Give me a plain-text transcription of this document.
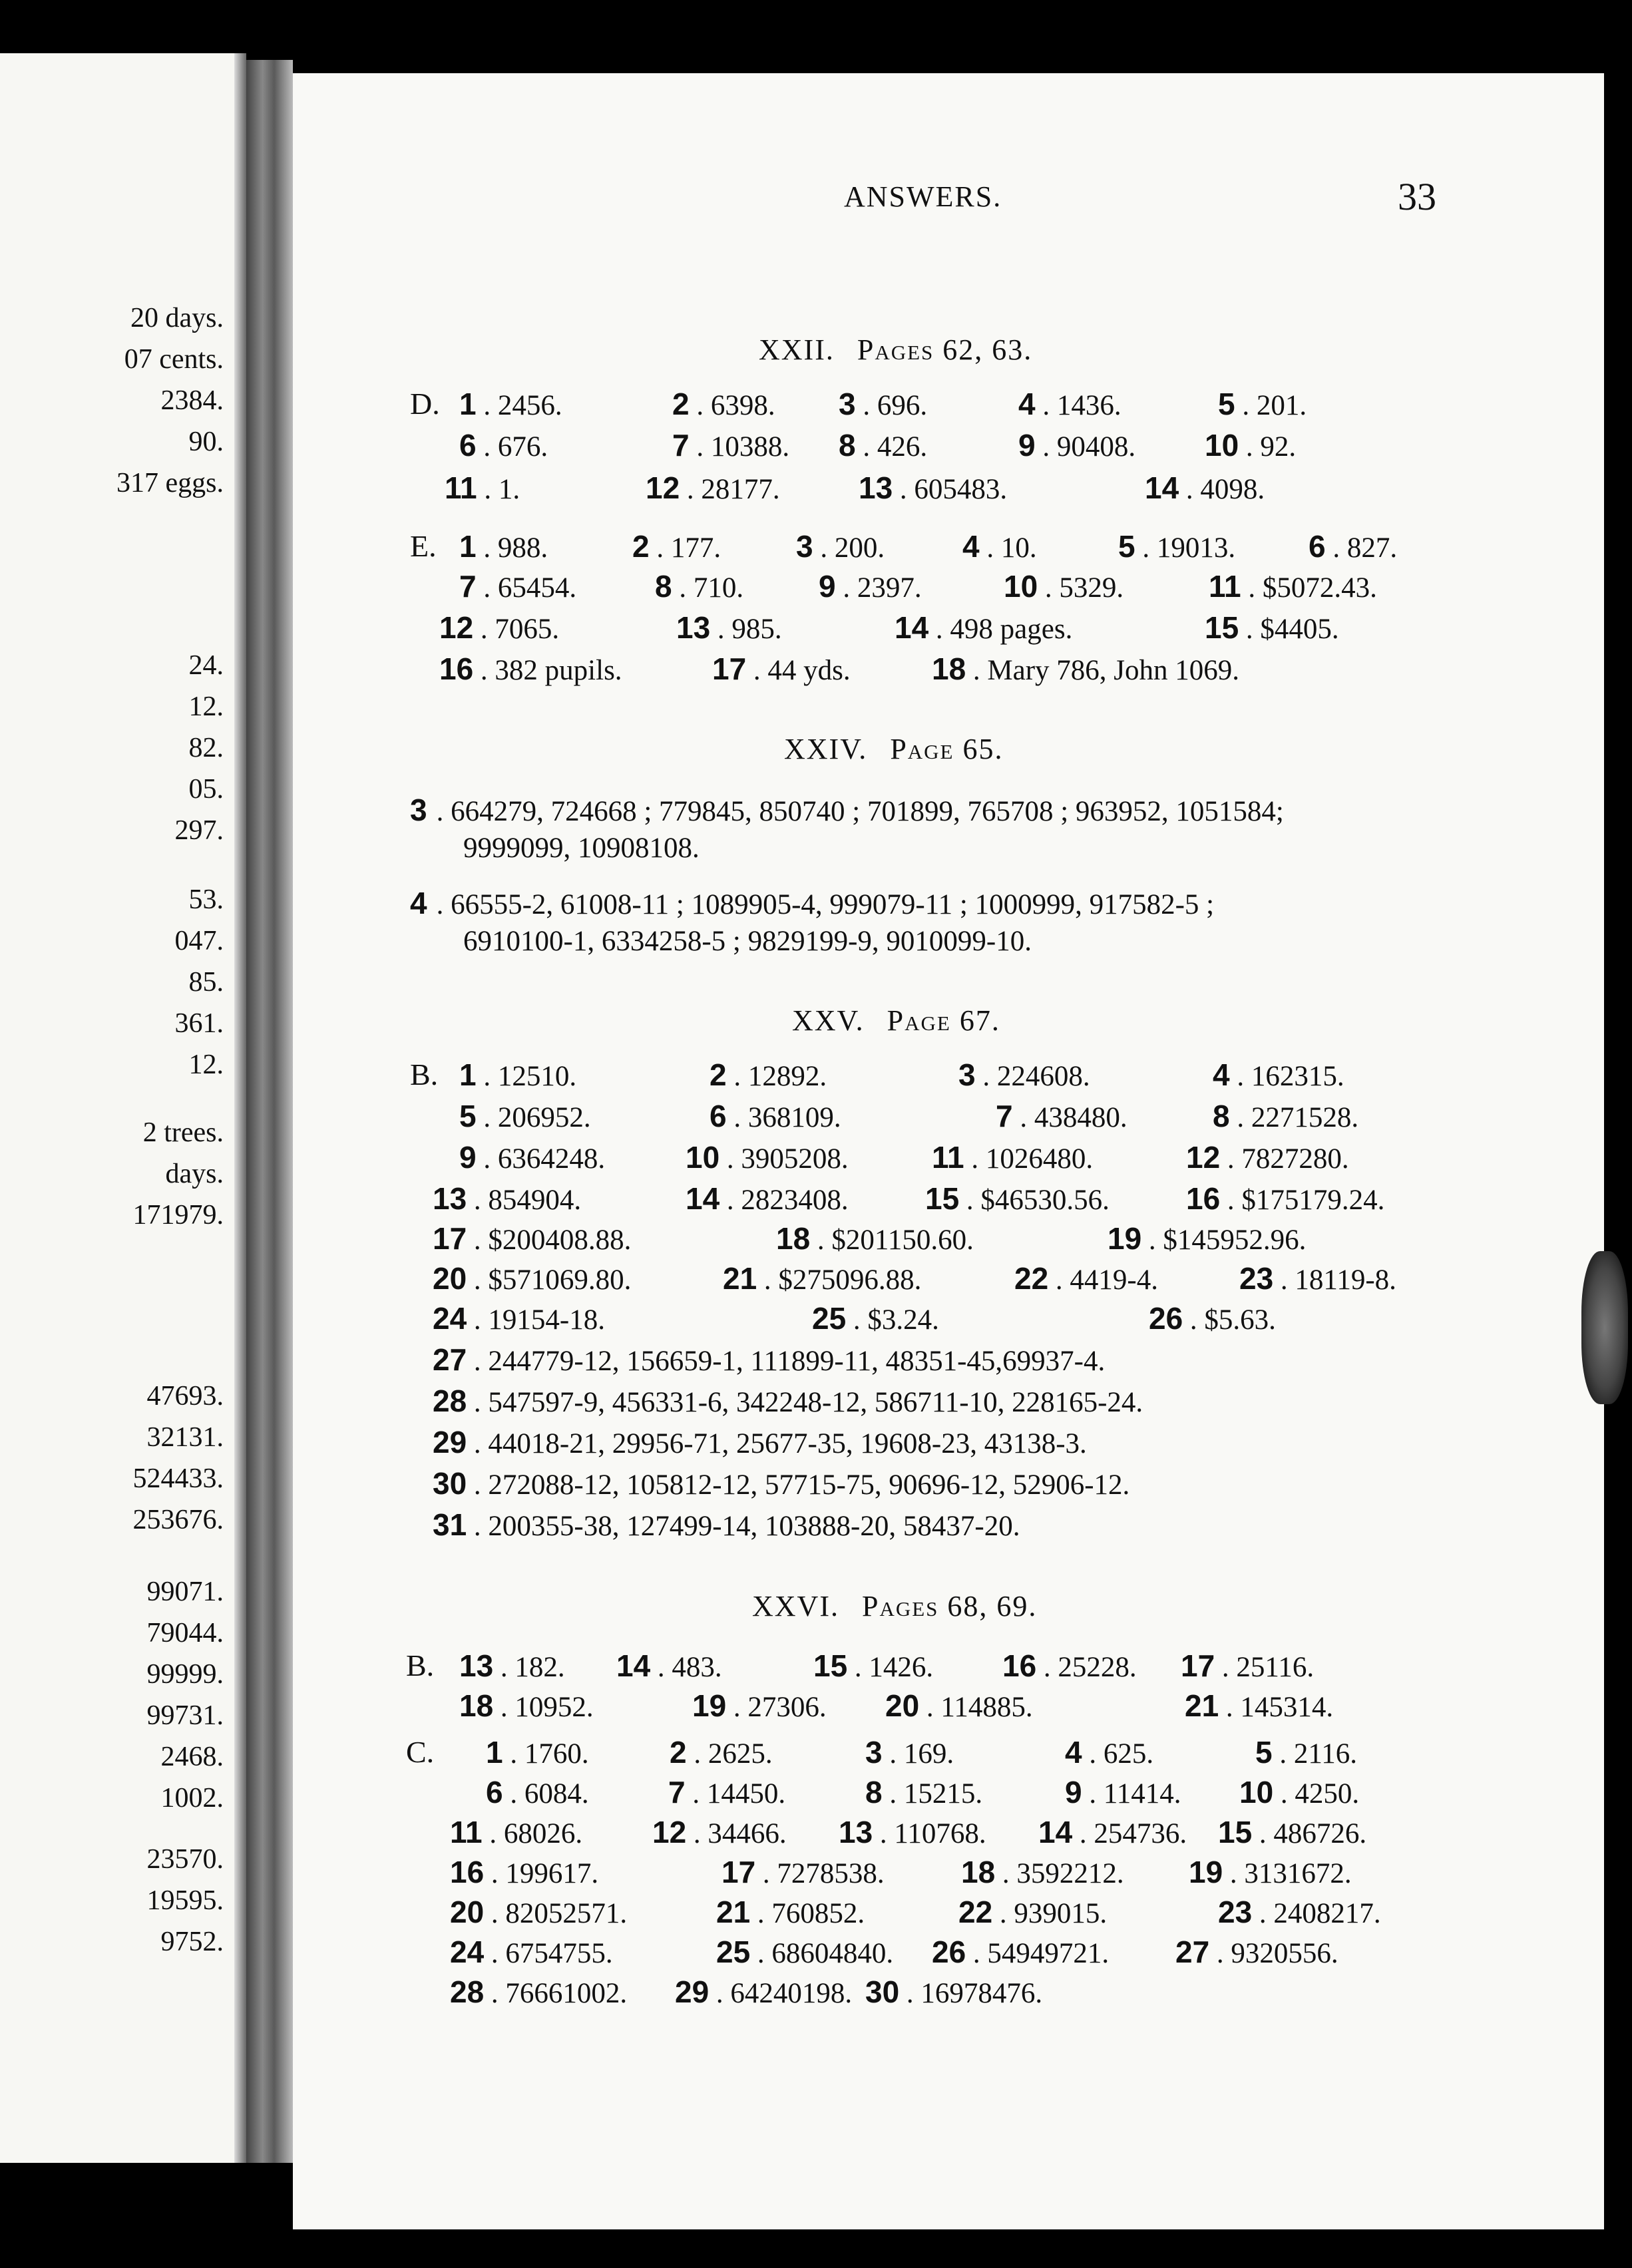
20 days.
07 cents.
2384.
90.
317 eggs.
24.
12.
82.
05.
297.
53.
047.
85.
361.
12.
2 trees.
days.
171979.
47693.
32131.
524433.
253676.
99071.
79044.
99999.
99731.
2468.
1002.
23570.
19595.
9752.
ANSWERS.	33
XXII. Pages 62, 63.
D. 1 . 2456.	2 . 6398. 3 . 696.	4 . 1436.	5 . 201.
6 . 676.	7 . 10388. 8 . 426.	9 . 90408. 10 . 92.
11 . 1.	12 . 28177.	13 . 605483.	14 . 4098.
E. 1 . 988.	2 . 177. 3 . 200.	4 . 10.	5 . 19013. 6 . 827.
7 . 65454.	8 . 710. 9 . 2397.	10 . 5329.	11 . $5072.43.
12 . 7065.	13 . 985.	14 . 498 pages.	15 . $4405.
16 . 382 pupils.	17 . 44 yds.	18 . Mary 786, John 1069.
XXIV. Page 65.
3 . 664279, 724668 ; 779845, 850740 ; 701899, 765708 ; 963952, 1051584;
9999099, 10908108.
4 . 66555-2, 61008-11 ; 1089905-4, 999079-11 ; 1000999, 917582-5 ;
6910100-1, 6334258-5 ; 9829199-9, 9010099-10.
XXV. Page 67.
B. 1 . 12510.	2 . 12892.	3 . 224608.	4 . 162315.
5 . 206952.	6 . 368109.	7 . 438480.	8 . 2271528.
9 . 6364248.	10 . 3905208.	11 . 1026480.	12 . 7827280.
13 . 854904.	14 . 2823408.	15 . $46530.56.	16 . $175179.24.
17 . $200408.88.	18 . $201150.60.	19 . $145952.96.
20 . $571069.80.	21 . $275096.88.	22 . 4419-4.	23 . 18119-8.
24 . 19154-18.	25 . $3.24.	26 . $5.63.
27 . 244779-12, 156659-1, 111899-11, 48351-45,69937-4.
28 . 547597-9, 456331-6, 342248-12, 586711-10, 228165-24.
29 . 44018-21, 29956-71, 25677-35, 19608-23, 43138-3.
30 . 272088-12, 105812-12, 57715-75, 90696-12, 52906-12.
31 . 200355-38, 127499-14, 103888-20, 58437-20.
XXVI. Pages 68, 69.
B. 13 . 182. 14 . 483.	15 . 1426. 16 . 25228. 17 . 25116.
18 . 10952.	19 . 27306. 20 . 114885.	21 . 145314.
C. 1 . 1760.	2 . 2625.	3 . 169.	4 . 625.	5 . 2116.
6 . 6084.	7 . 14450.	8 . 15215.	9 . 11414. 10 . 4250.
11 . 68026. 12 . 34466. 13 . 110768. 14 . 254736. 15 . 486726.
16 . 199617.	17 . 7278538.	18 . 3592212. 19 . 3131672.
20 . 82052571.	21 . 760852.	22 . 939015.	23 . 2408217.
24 . 6754755.	25 . 68604840. 26 . 54949721. 27 . 9320556.
28 . 76661002. 29 . 64240198. 30 . 16978476.
